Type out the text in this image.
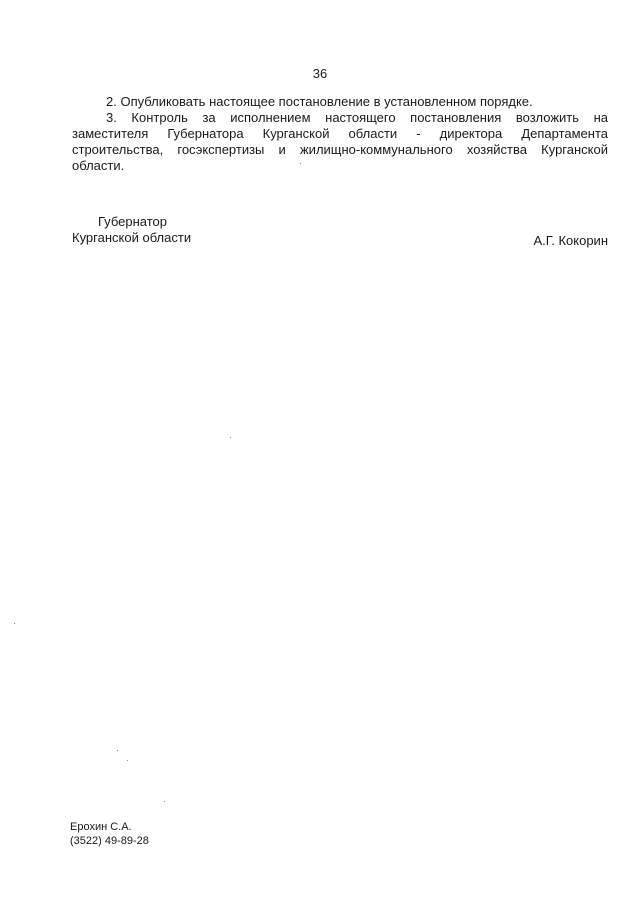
36

2. Опубликовать настоящее постановление в установленном порядке.

3. Контроль за исполнением настоящего постановления возложить на заместителя Губернатора Курганской области - директора Департамента строительства, госэкспертизы и жилищно-коммунального хозяйства Курганской области.

Губернатор
Курганской области	А.Г. Кокорин
Ерохин С.А.
(3522) 49-89-28
